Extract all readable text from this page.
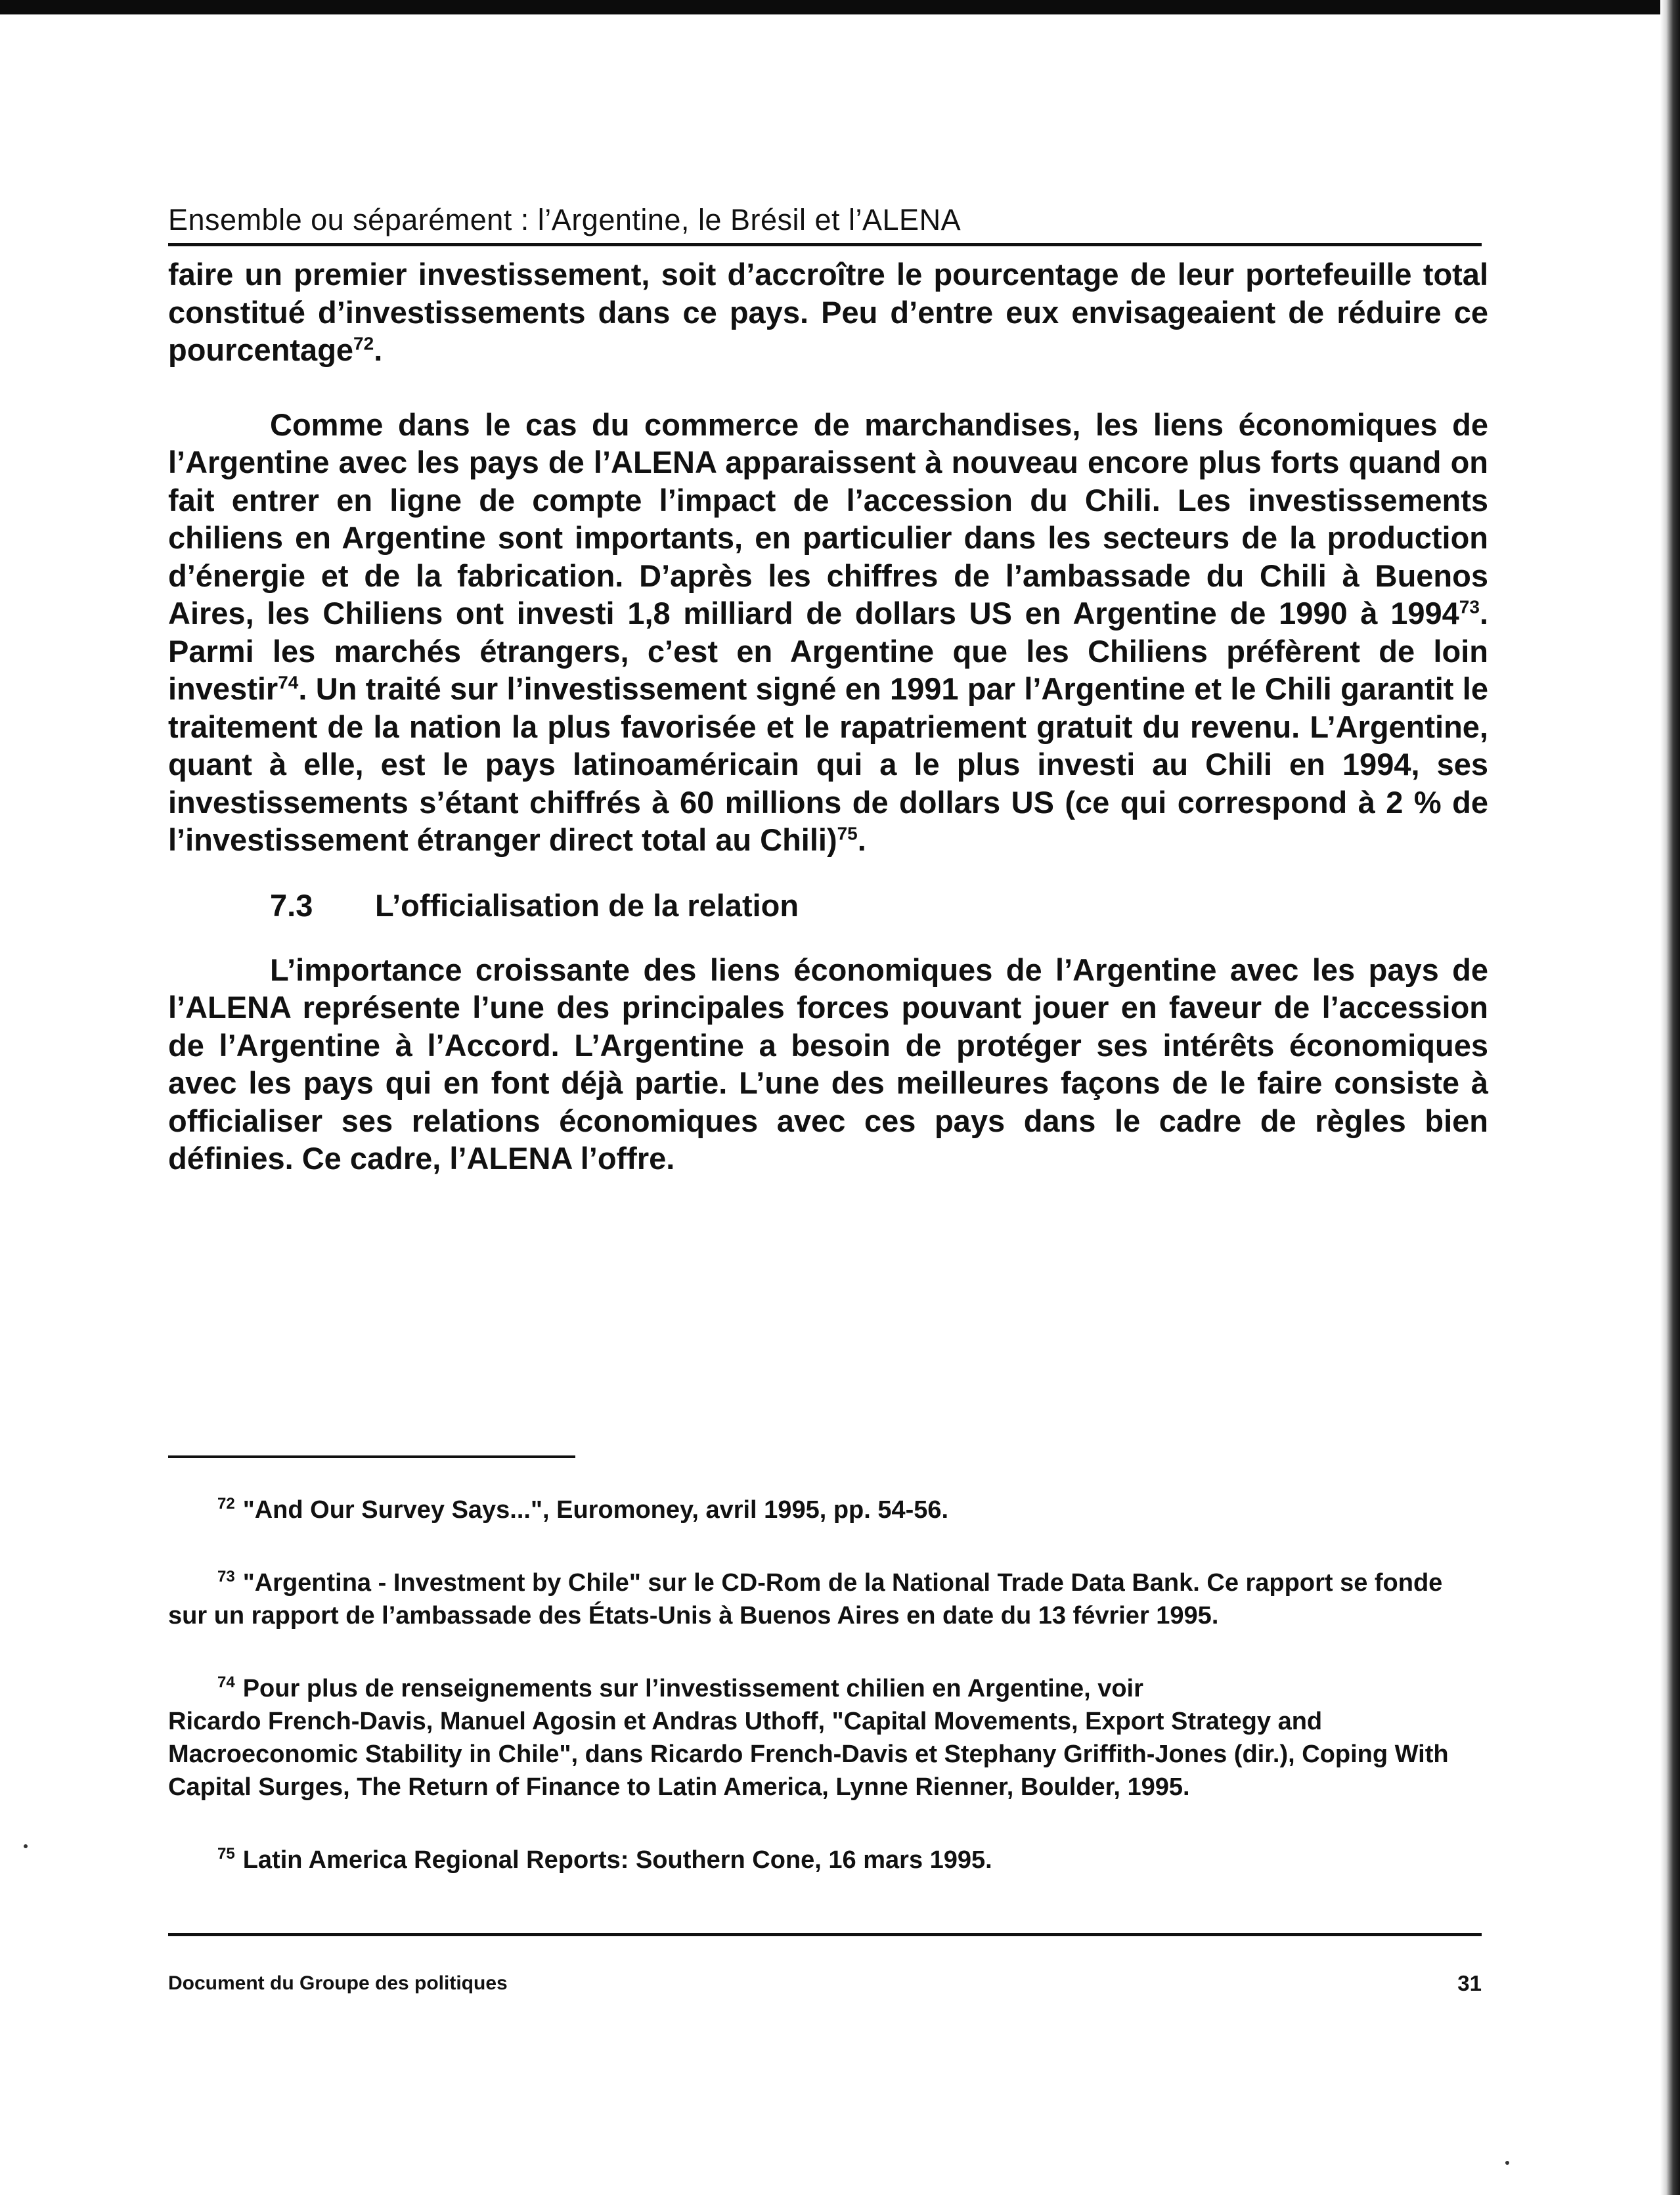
Ensemble ou séparément : l’Argentine, le Brésil et l’ALENA

faire un premier investissement, soit d’accroître le pourcentage de leur portefeuille total constitué d’investissements dans ce pays. Peu d’entre eux envisageaient de réduire ce pourcentage$^{72}$.

Comme dans le cas du commerce de marchandises, les liens économiques de l’Argentine avec les pays de l’ALENA apparaissent à nouveau encore plus forts quand on fait entrer en ligne de compte l’impact de l’accession du Chili. Les investissements chiliens en Argentine sont importants, en particulier dans les secteurs de la production d’énergie et de la fabrication. D’après les chiffres de l’ambassade du Chili à Buenos Aires, les Chiliens ont investi 1,8 milliard de dollars US en Argentine de 1990 à 1994$^{73}$. Parmi les marchés étrangers, c’est en Argentine que les Chiliens préfèrent de loin investir$^{74}$. Un traité sur l’investissement signé en 1991 par l’Argentine et le Chili garantit le traitement de la nation la plus favorisée et le rapatriement gratuit du revenu. L’Argentine, quant à elle, est le pays latinoaméricain qui a le plus investi au Chili en 1994, ses investissements s’étant chiffrés à 60 millions de dollars US (ce qui correspond à 2 % de l’investissement étranger direct total au Chili)$^{75}$.

7.3 L’officialisation de la relation

L’importance croissante des liens économiques de l’Argentine avec les pays de l’ALENA représente l’une des principales forces pouvant jouer en faveur de l’accession de l’Argentine à l’Accord. L’Argentine a besoin de protéger ses intérêts économiques avec les pays qui en font déjà partie. L’une des meilleures façons de le faire consiste à officialiser ses relations économiques avec ces pays dans le cadre de règles bien définies. Ce cadre, l’ALENA l’offre.

$^{72}$ "And Our Survey Says...", Euromoney, avril 1995, pp. 54-56.

$^{73}$ "Argentina - Investment by Chile" sur le CD-Rom de la National Trade Data Bank. Ce rapport se fonde sur un rapport de l’ambassade des États-Unis à Buenos Aires en date du 13 février 1995.

$^{74}$ Pour plus de renseignements sur l’investissement chilien en Argentine, voir
Ricardo French-Davis, Manuel Agosin et Andras Uthoff, "Capital Movements, Export Strategy and Macroeconomic Stability in Chile", dans Ricardo French-Davis et Stephany Griffith-Jones (dir.), Coping With Capital Surges, The Return of Finance to Latin America, Lynne Rienner, Boulder, 1995.

$^{75}$ Latin America Regional Reports: Southern Cone, 16 mars 1995.

Document du Groupe des politiques	31
